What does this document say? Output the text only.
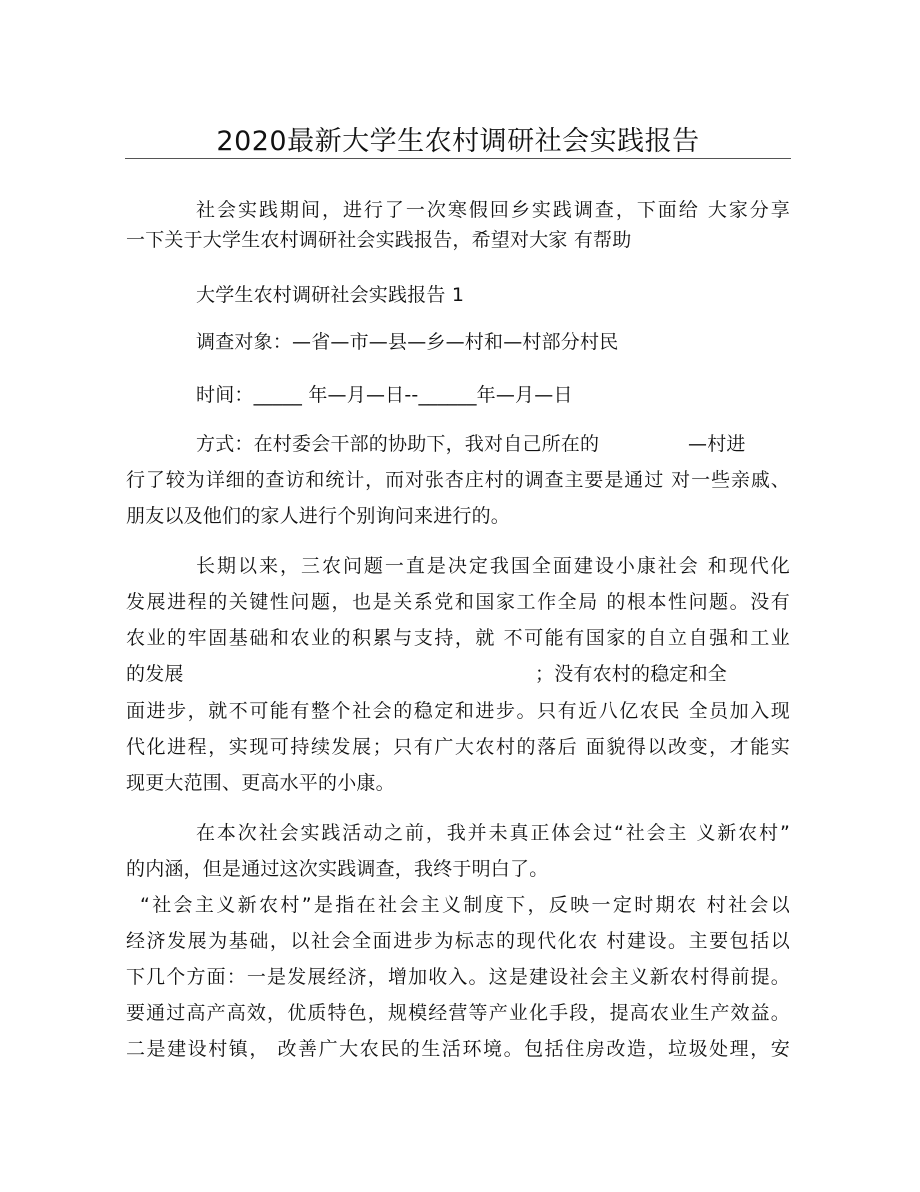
2020最新大学生农村调研社会实践报告
社会实践期间，进行了一次寒假回乡实践调查，下面给 大家分享
一下关于大学生农村调研社会实践报告，希望对大家 有帮助
大学生农村调研社会实践报告 1
调查对象：—省—市—县—乡—村和—村部分村民
时间：_____ 年—月—日--______年—月—日
方式：在村委会干部的协助下，我对自己所在的	—村进
行了较为详细的查访和统计，而对张杏庄村的调查主要是通过 对一些亲戚、
朋友以及他们的家人进行个别询问来进行的。
长期以来，三农问题一直是决定我国全面建设小康社会 和现代化
发展进程的关键性问题，也是关系党和国家工作全局 的根本性问题。没有
农业的牢固基础和农业的积累与支持，就 不可能有国家的自立自强和工业
的发展	；没有农村的稳定和全
面进步，就不可能有整个社会的稳定和进步。只有近八亿农民 全员加入现
代化进程，实现可持续发展；只有广大农村的落后 面貌得以改变，才能实
现更大范围、更高水平的小康。
在本次社会实践活动之前，我并未真正体会过“社会主 义新农村”
的内涵，但是通过这次实践调查，我终于明白了。
“社会主义新农村”是指在社会主义制度下，反映一定时期农 村社会以
经济发展为基础，以社会全面进步为标志的现代化农 村建设。主要包括以
下几个方面：一是发展经济，增加收入。这是建设社会主义新农村得前提。
要通过高产高效，优质特色，规模经营等产业化手段，提高农业生产效益。
二是建设村镇， 改善广大农民的生活环境。包括住房改造，垃圾处理，安
